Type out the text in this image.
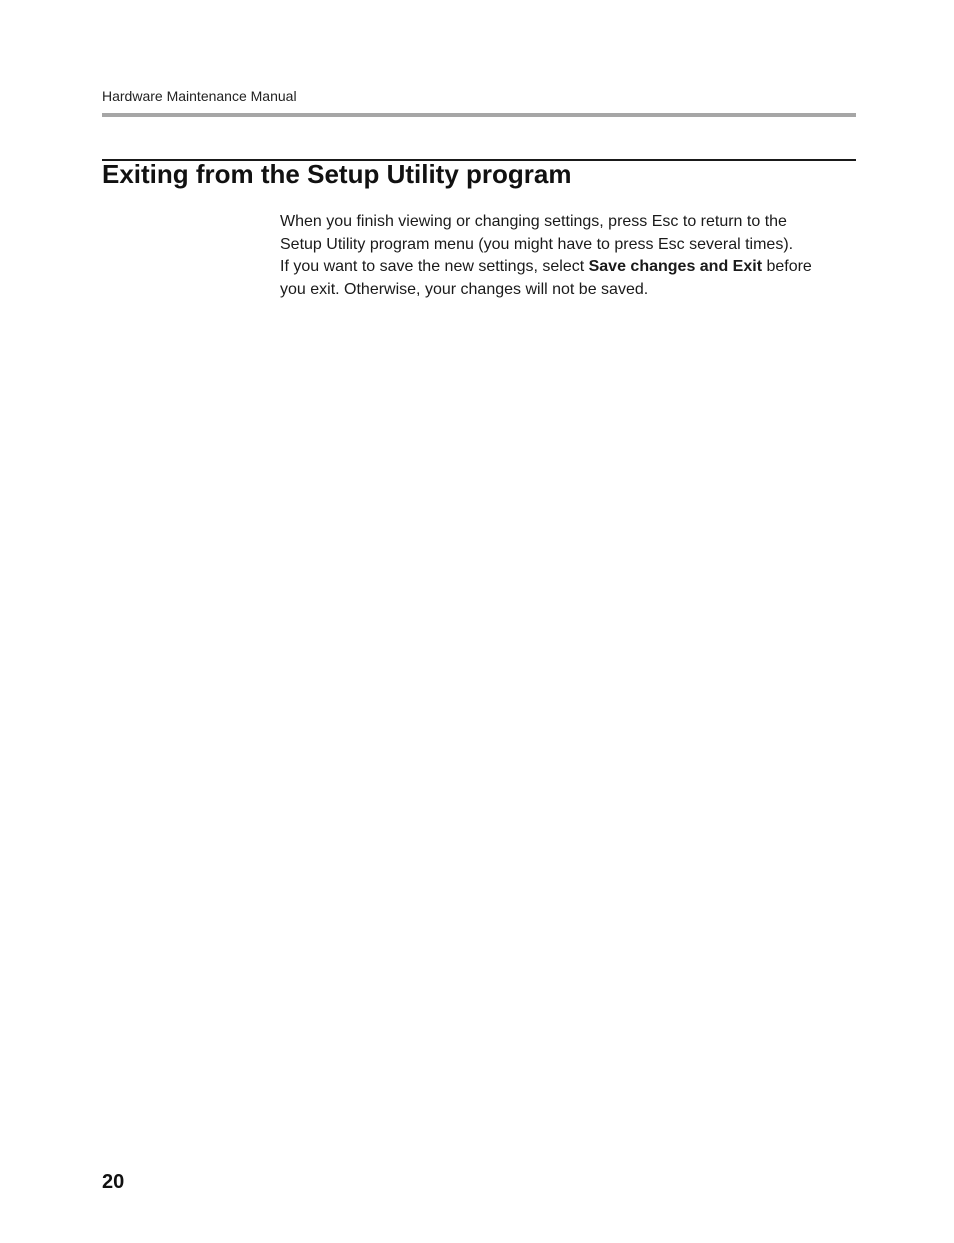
Hardware Maintenance Manual
Exiting from the Setup Utility program

When you finish viewing or changing settings, press Esc to return to the
Setup Utility program menu (you might have to press Esc several times).
If you want to save the new settings, select Save changes and Exit before
you exit. Otherwise, your changes will not be saved.

20
